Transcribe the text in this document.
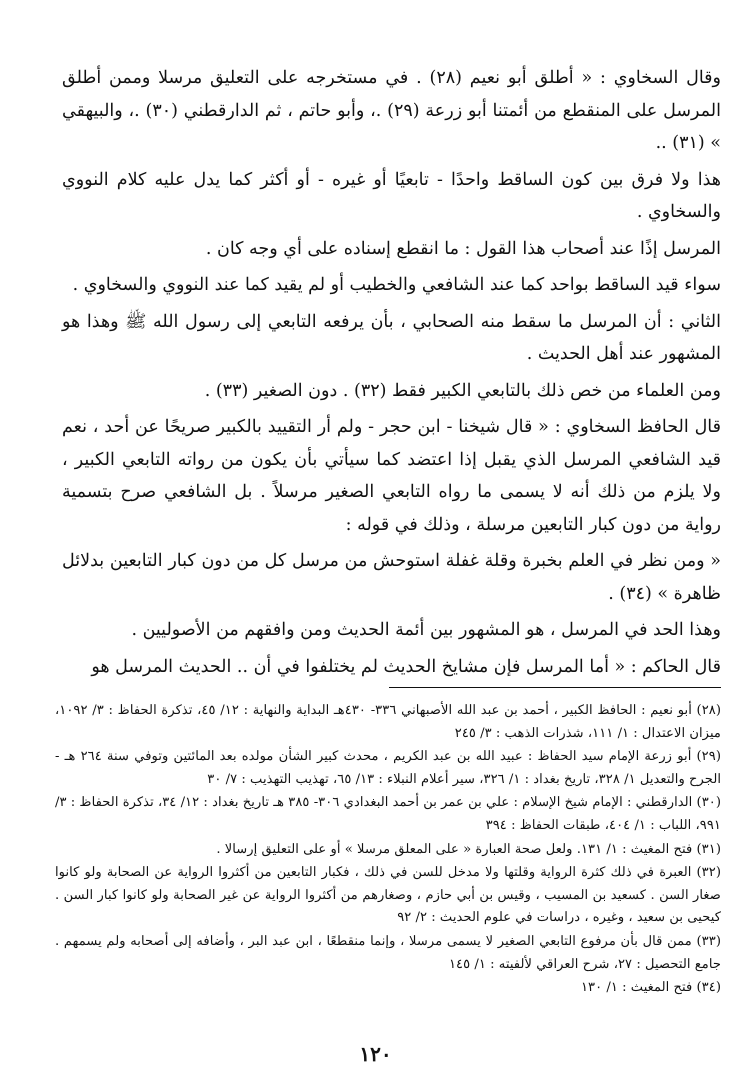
وقال السخاوي : « أطلق أبو نعيم (٢٨) . في مستخرجه على التعليق مرسلا وممن أطلق المرسل على المنقطع من أئمتنا أبو زرعة (٢٩) .، وأبو حاتم ، ثم الدارقطني (٣٠) .، والبيهقي » (٣١) ..

هذا ولا فرق بين كون الساقط واحدًا - تابعيًا أو غيره - أو أكثر كما يدل عليه كلام النووي والسخاوي .

المرسل إذًا عند أصحاب هذا القول : ما انقطع إسناده على أي وجه كان .

سواء قيد الساقط بواحد كما عند الشافعي والخطيب أو لم يقيد كما عند النووي والسخاوي .

الثاني : أن المرسل ما سقط منه الصحابي ، بأن يرفعه التابعي إلى رسول الله ﷺ وهذا هو المشهور عند أهل الحديث .

ومن العلماء من خص ذلك بالتابعي الكبير فقط (٣٢) . دون الصغير (٣٣) .

قال الحافظ السخاوي : « قال شيخنا - ابن حجر - ولم أر التقييد بالكبير صريحًا عن أحد ، نعم قيد الشافعي المرسل الذي يقبل إذا اعتضد كما سيأتي بأن يكون من رواته التابعي الكبير ، ولا يلزم من ذلك أنه لا يسمى ما رواه التابعي الصغير مرسلاً . بل الشافعي صرح بتسمية رواية من دون كبار التابعين مرسلة ، وذلك في قوله :

« ومن نظر في العلم بخبرة وقلة غفلة استوحش من مرسل كل من دون كبار التابعين بدلائل ظاهرة » (٣٤) .

وهذا الحد في المرسل ، هو المشهور بين أئمة الحديث ومن وافقهم من الأصوليين .

قال الحاكم : « أما المرسل فإن مشايخ الحديث لم يختلفوا في أن .. الحديث المرسل هو

(٢٨) أبو نعيم : الحافظ الكبير ، أحمد بن عبد الله الأصبهاني ٣٣٦- ٤٣٠هـ البداية والنهاية : ١٢/ ٤٥، تذكرة الحفاظ : ٣/ ١٠٩٢، ميزان الاعتدال : ١/ ١١١، شذرات الذهب : ٣/ ٢٤٥

(٢٩) أبو زرعة الإمام سيد الحفاظ : عبيد الله بن عبد الكريم ، محدث كبير الشأن مولده بعد المائتين وتوفي سنة ٢٦٤ هـ - الجرح والتعديل ١/ ٣٢٨، تاريخ بغداد : ١/ ٣٢٦، سير أعلام النبلاء : ١٣/ ٦٥، تهذيب التهذيب : ٧/ ٣٠

(٣٠) الدارقطني : الإمام شيخ الإسلام : علي بن عمر بن أحمد البغدادي ٣٠٦- ٣٨٥ هـ تاريخ بغداد : ١٢/ ٣٤، تذكرة الحفاظ : ٣/ ٩٩١، اللباب : ١/ ٤٠٤، طبقات الحفاظ : ٣٩٤

(٣١) فتح المغيث : ١/ ١٣١. ولعل صحة العبارة « على المعلق مرسلا » أو على التعليق إرسالا .

(٣٢) العبرة في ذلك كثرة الرواية وقلتها ولا مدخل للسن في ذلك ، فكبار التابعين من أكثروا الرواية عن الصحابة ولو كانوا صغار السن . كسعيد بن المسيب ، وقيس بن أبي حازم ، وصغارهم من أكثروا الرواية عن غير الصحابة ولو كانوا كبار السن . كيحيى بن سعيد ، وغيره ، دراسات في علوم الحديث : ٢/ ٩٢

(٣٣) ممن قال بأن مرفوع التابعي الصغير لا يسمى مرسلا ، وإنما منقطعًا ، ابن عبد البر ، وأضافه إلى أصحابه ولم يسمهم . جامع التحصيل : ٢٧، شرح العراقي لألفيته : ١/ ١٤٥

(٣٤) فتح المغيث : ١/ ١٣٠

١٢٠
